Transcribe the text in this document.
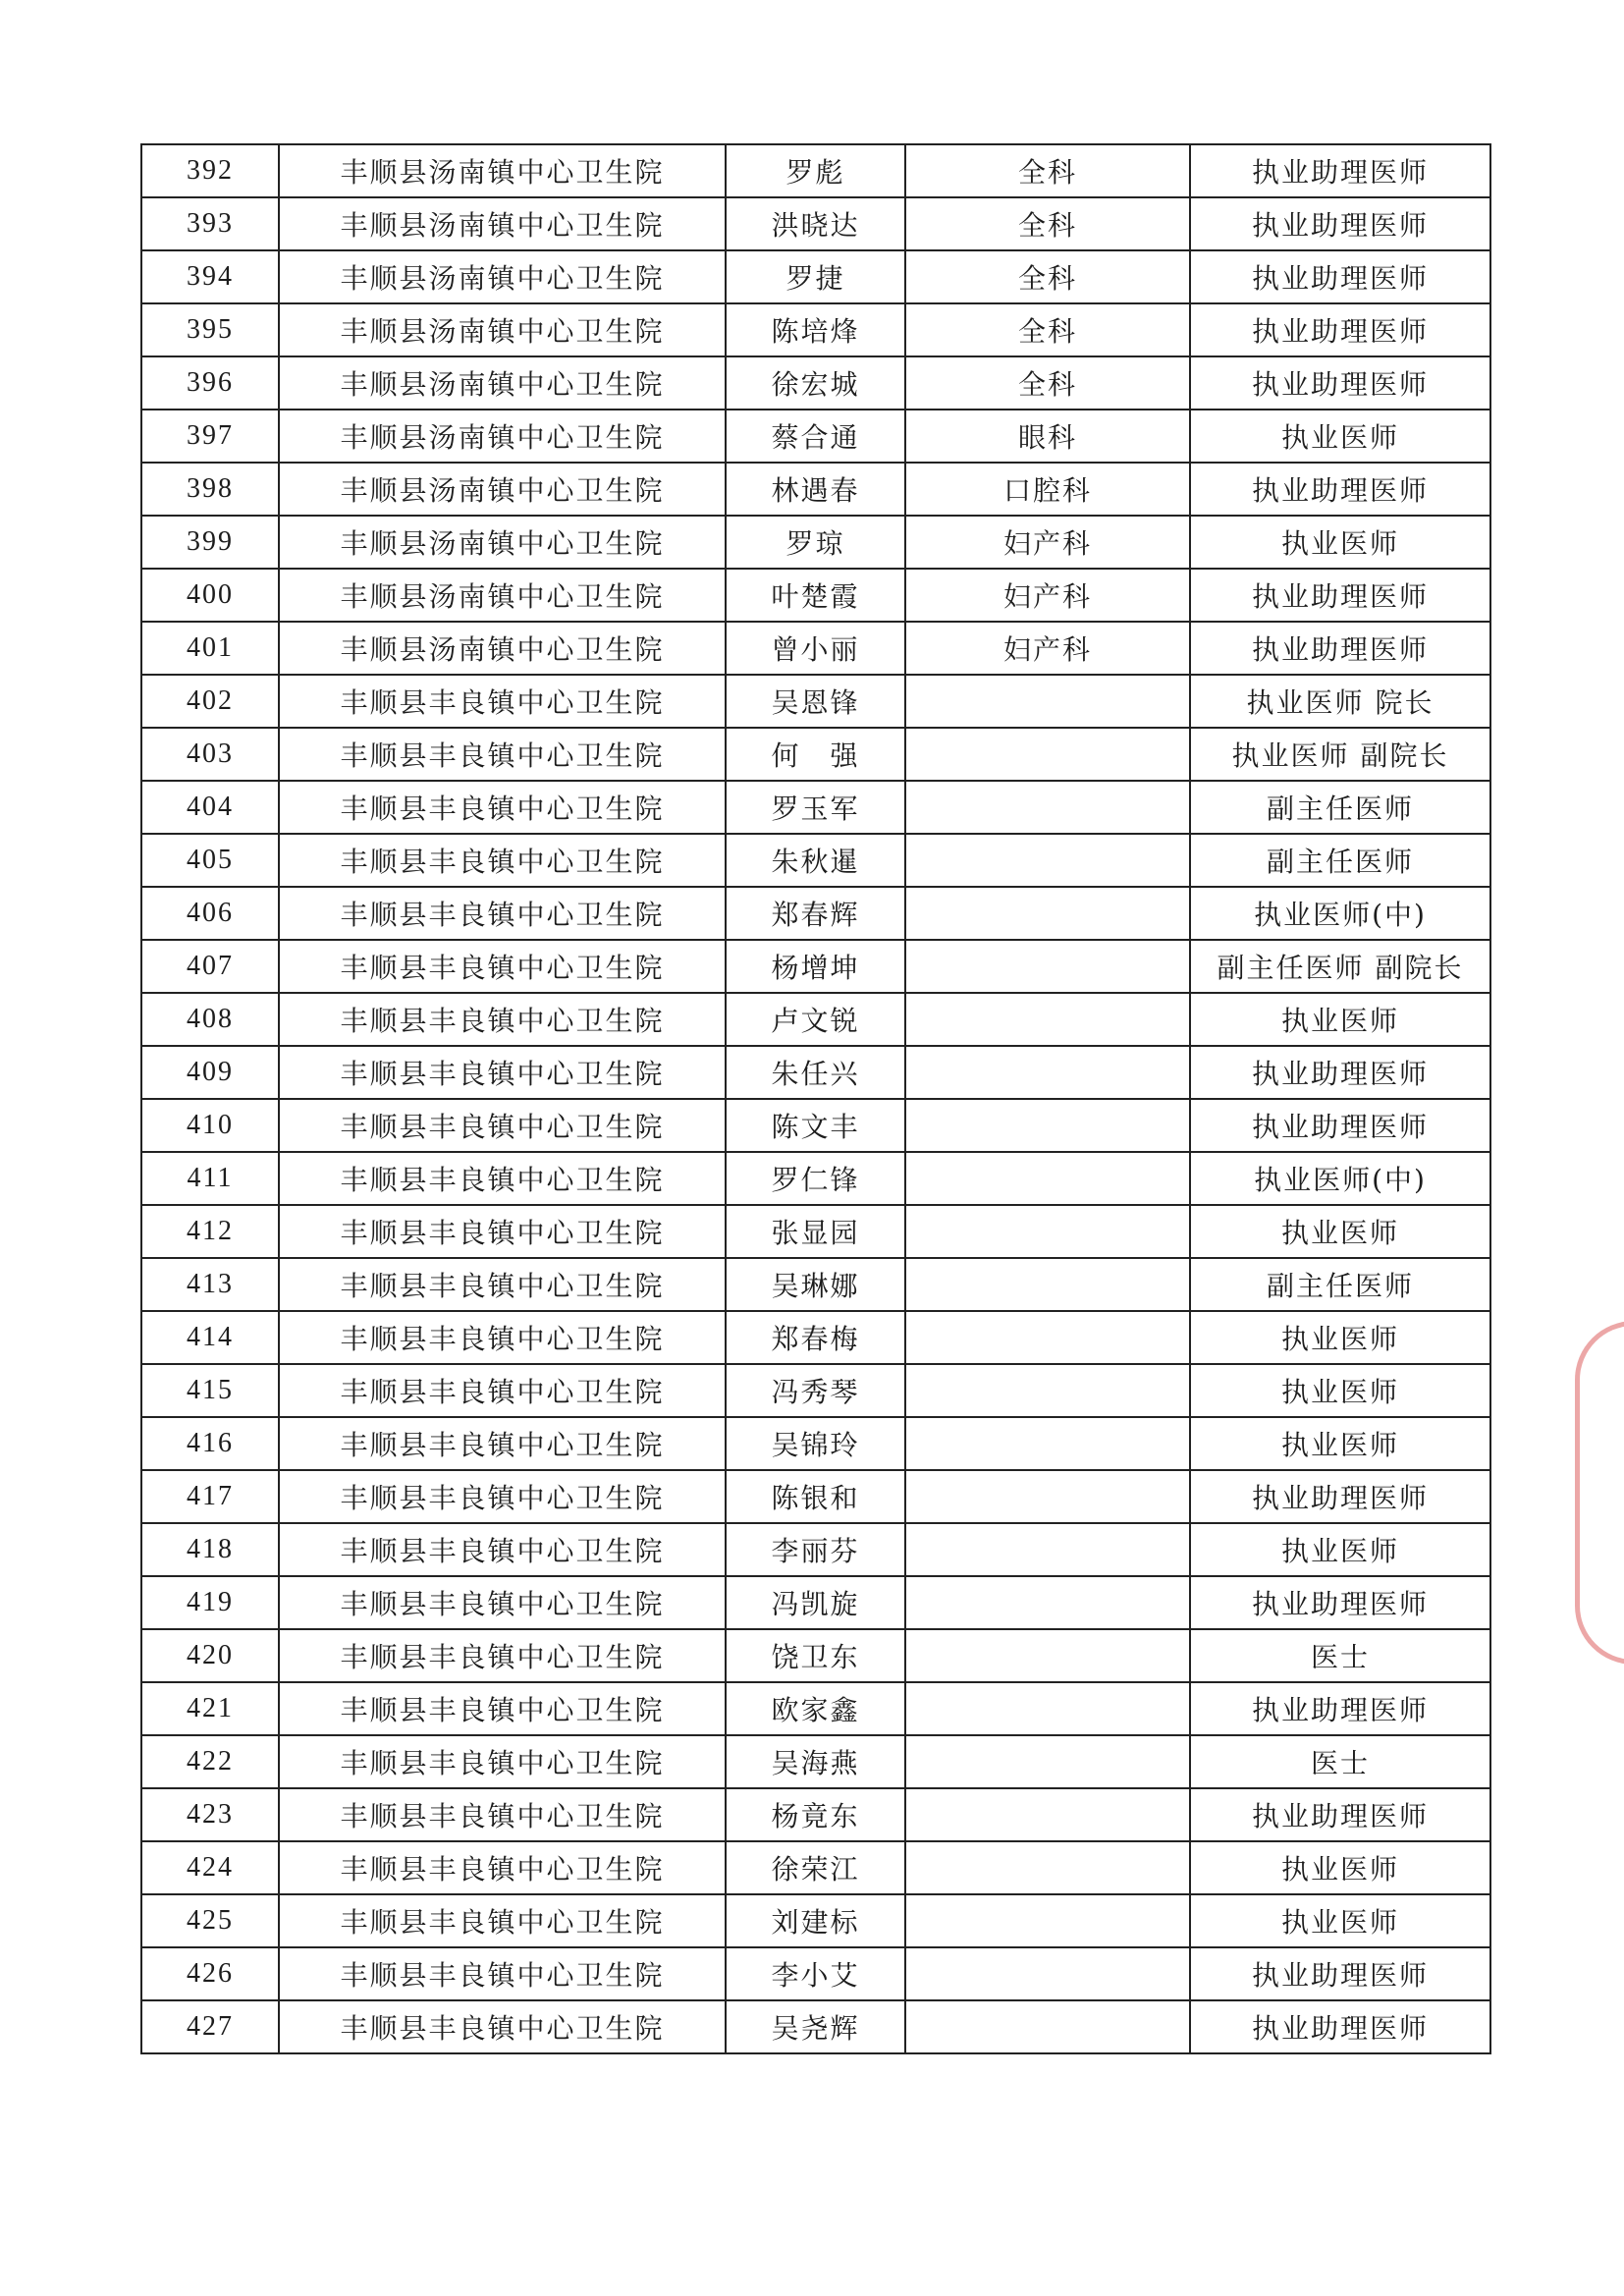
392	丰顺县汤南镇中心卫生院	罗彪	全科	执业助理医师
393	丰顺县汤南镇中心卫生院	洪晓达	全科	执业助理医师
394	丰顺县汤南镇中心卫生院	罗捷	全科	执业助理医师
395	丰顺县汤南镇中心卫生院	陈培烽	全科	执业助理医师
396	丰顺县汤南镇中心卫生院	徐宏城	全科	执业助理医师
397	丰顺县汤南镇中心卫生院	蔡合通	眼科	执业医师
398	丰顺县汤南镇中心卫生院	林遇春	口腔科	执业助理医师
399	丰顺县汤南镇中心卫生院	罗琼	妇产科	执业医师
400	丰顺县汤南镇中心卫生院	叶楚霞	妇产科	执业助理医师
401	丰顺县汤南镇中心卫生院	曾小丽	妇产科	执业助理医师
402	丰顺县丰良镇中心卫生院	吴恩锋		执业医师 院长
403	丰顺县丰良镇中心卫生院	何　强		执业医师 副院长
404	丰顺县丰良镇中心卫生院	罗玉军		副主任医师
405	丰顺县丰良镇中心卫生院	朱秋暹		副主任医师
406	丰顺县丰良镇中心卫生院	郑春辉		执业医师(中)
407	丰顺县丰良镇中心卫生院	杨增坤		副主任医师 副院长
408	丰顺县丰良镇中心卫生院	卢文锐		执业医师
409	丰顺县丰良镇中心卫生院	朱任兴		执业助理医师
410	丰顺县丰良镇中心卫生院	陈文丰		执业助理医师
411	丰顺县丰良镇中心卫生院	罗仁锋		执业医师(中)
412	丰顺县丰良镇中心卫生院	张显园		执业医师
413	丰顺县丰良镇中心卫生院	吴琳娜		副主任医师
414	丰顺县丰良镇中心卫生院	郑春梅		执业医师
415	丰顺县丰良镇中心卫生院	冯秀琴		执业医师
416	丰顺县丰良镇中心卫生院	吴锦玲		执业医师
417	丰顺县丰良镇中心卫生院	陈银和		执业助理医师
418	丰顺县丰良镇中心卫生院	李丽芬		执业医师
419	丰顺县丰良镇中心卫生院	冯凯旋		执业助理医师
420	丰顺县丰良镇中心卫生院	饶卫东		医士
421	丰顺县丰良镇中心卫生院	欧家鑫		执业助理医师
422	丰顺县丰良镇中心卫生院	吴海燕		医士
423	丰顺县丰良镇中心卫生院	杨竟东		执业助理医师
424	丰顺县丰良镇中心卫生院	徐荣江		执业医师
425	丰顺县丰良镇中心卫生院	刘建标		执业医师
426	丰顺县丰良镇中心卫生院	李小艾		执业助理医师
427	丰顺县丰良镇中心卫生院	吴尧辉		执业助理医师
